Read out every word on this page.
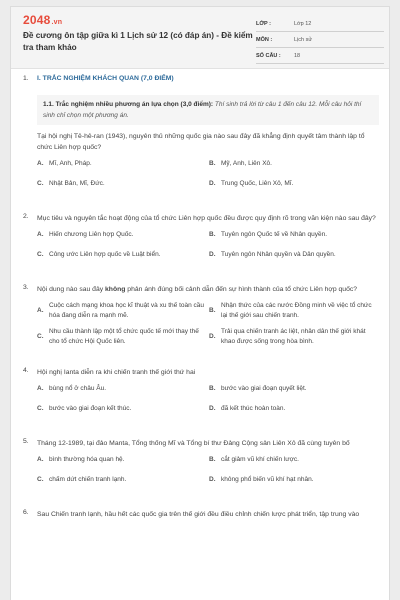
2048.vn
Đề cương ôn tập giữa kì 1 Lịch sử 12 (có đáp án) - Đề kiểm tra tham khảo
LỚP :	Lớp 12
MÔN :	Lịch sử
SỐ CÂU : 18
1. I. TRẮC NGHIỆM KHÁCH QUAN (7,0 ĐIỂM)
1.1. Trắc nghiệm nhiều phương án lựa chọn (3,0 điểm): Thí sinh trả lời từ câu 1 đến câu 12. Mỗi câu hỏi thí sinh chỉ chọn một phương án.
Tại hội nghị Tê-hê-ran (1943), nguyên thủ những quốc gia nào sau đây đã khẳng định quyết tâm thành lập tổ chức Liên hợp quốc?
A. Mĩ, Anh, Pháp.	B. Mỹ, Anh, Liên Xô.
C. Nhật Bản, Mĩ, Đức.	D. Trung Quốc, Liên Xô, Mĩ.
2. Mục tiêu và nguyên tắc hoạt động của tổ chức Liên hợp quốc đều được quy định rõ trong văn kiện nào sau đây?
A. Hiến chương Liên hợp Quốc.	B. Tuyên ngôn Quốc tế về Nhân quyền.
C. Công ước Liên hợp quốc về Luật biển.	D. Tuyên ngôn Nhân quyền và Dân quyền.
3. Nội dung nào sau đây không phản ánh đúng bối cảnh dẫn đến sự hình thành của tổ chức Liên hợp quốc?
A.
Cuộc cách mạng khoa học kĩ thuật và xu thế toàn cầu hóa đang diễn ra mạnh mẽ.
B.
Nhận thức của các nước Đồng minh về việc tổ chức lại thế giới sau chiến tranh.
C.
Nhu cầu thành lập một tổ chức quốc tế mới thay thế cho tổ chức Hội Quốc liên.
D.
Trải qua chiến tranh ác liệt, nhân dân thế giới khát khao được sống trong hòa bình.
4. Hội nghị Ianta diễn ra khi chiến tranh thế giới thứ hai
A. bùng nổ ở châu Âu.	B. bước vào giai đoạn quyết liệt.
C. bước vào giai đoạn kết thúc.	D. đã kết thúc hoàn toàn.
5. Tháng 12-1989, tại đảo Manta, Tổng thống Mĩ và Tổng bí thư Đảng Cộng sản Liên Xô đã cùng tuyên bố
A. bình thường hóa quan hệ.	B. cắt giảm vũ khí chiến lược.
C. chấm dứt chiến tranh lạnh.	D. không phổ biến vũ khí hạt nhân.
6. Sau Chiến tranh lạnh, hầu hết các quốc gia trên thế giới đều điều chỉnh chiến lược phát triển, tập trung vào
